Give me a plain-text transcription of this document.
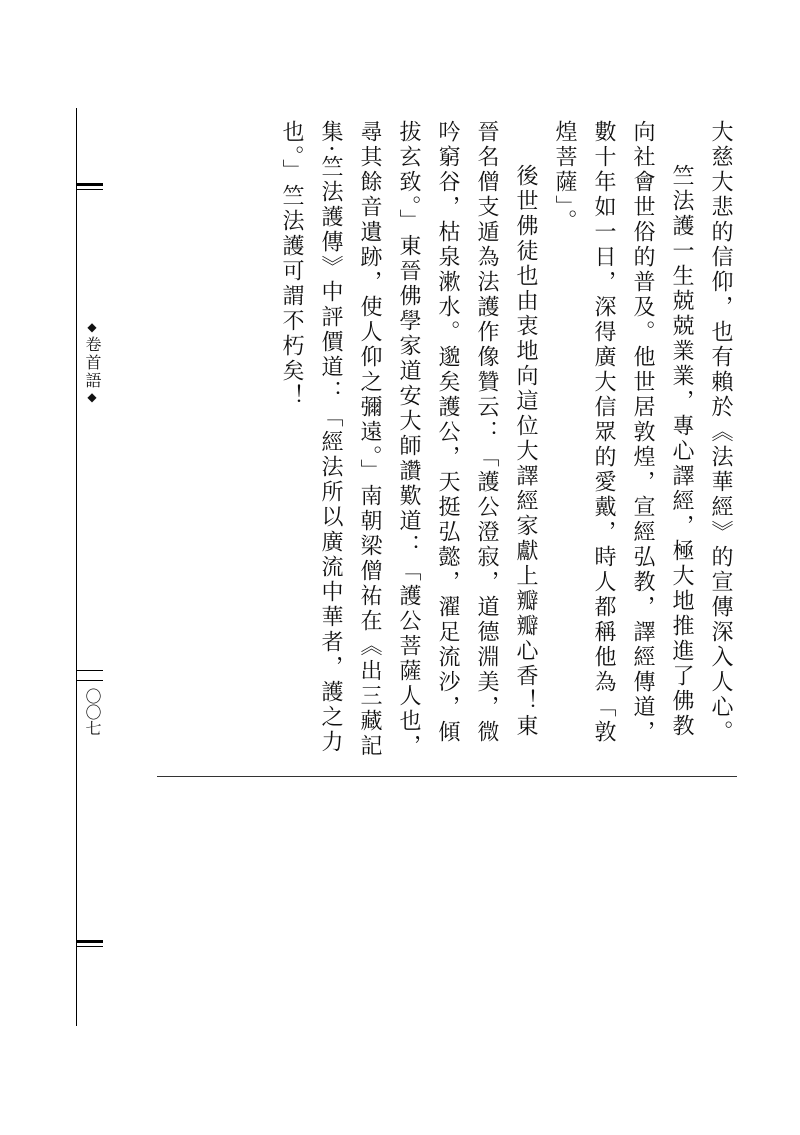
◆卷首語◆
〇〇七	大慈大悲的信仰，也有賴於《法華經》的宣傳深入人心。

竺法護一生兢兢業業，專心譯經，極大地推進了佛教向社會世俗的普及。他世居敦煌，宣經弘教，譯經傳道，數十年如一日，深得廣大信眾的愛戴，時人都稱他為「敦煌菩薩」。

後世佛徒也由衷地向這位大譯經家獻上瓣瓣心香！東晉名僧支遁為法護作像贊云：「護公澄寂，道德淵美，微吟窮谷，枯泉漱水。邈矣護公，天挺弘懿，濯足流沙，傾拔玄致。」東晉佛學家道安大師讚歎道：「護公菩薩人也，尋其餘音遺跡，使人仰之彌遠。」南朝梁僧祐在《出三藏記集·竺法護傳》中評價道：「經法所以廣流中華者，護之力也。」竺法護可謂不朽矣！
